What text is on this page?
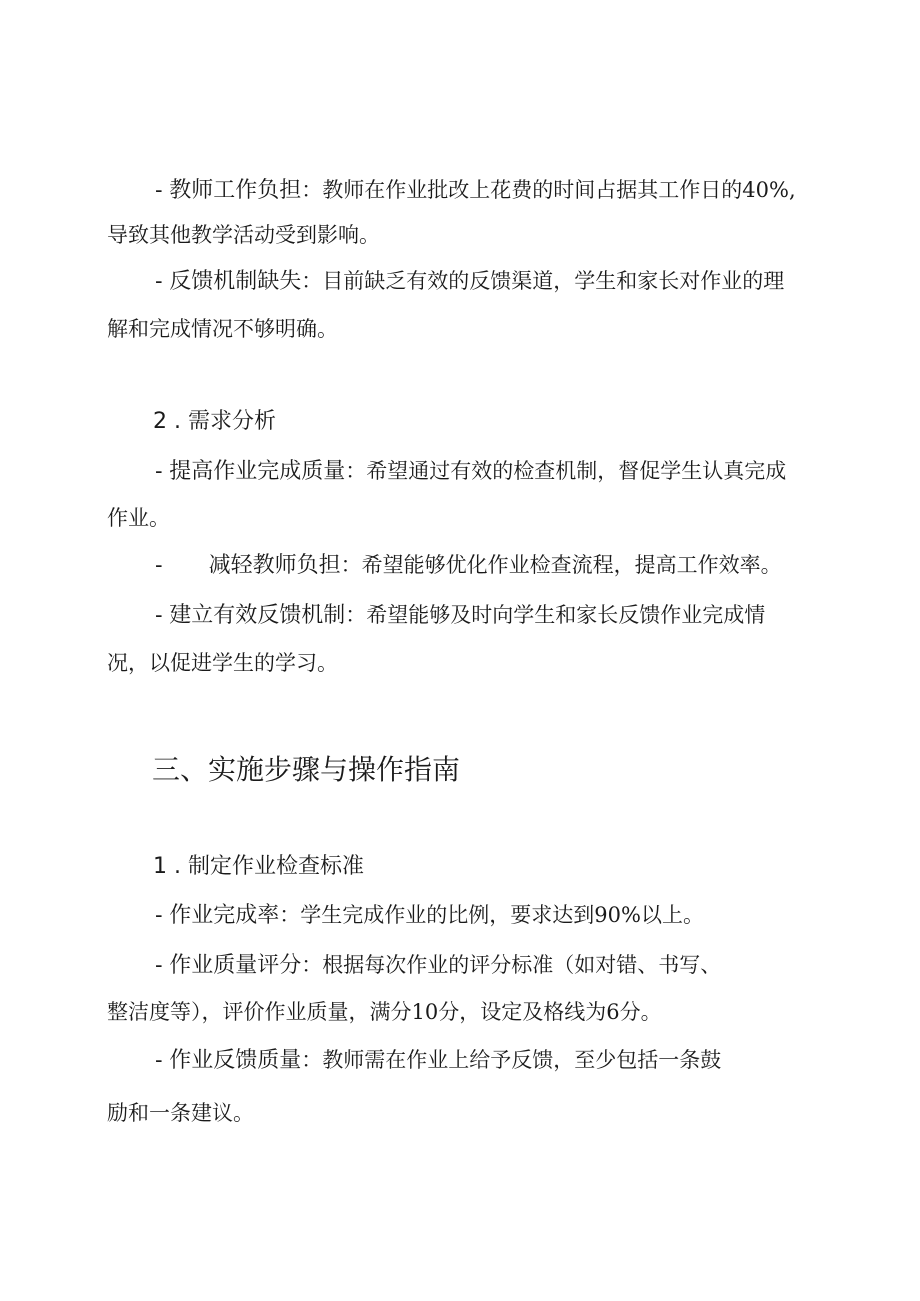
- 教师工作负担：教师在作业批改上花费的时间占据其工作日的40%,
导致其他教学活动受到影响。
- 反馈机制缺失：目前缺乏有效的反馈渠道，学生和家长对作业的理
解和完成情况不够明确。
2 . 需求分析
- 提高作业完成质量：希望通过有效的检查机制，督促学生认真完成
作业。
- 减轻教师负担：希望能够优化作业检查流程，提高工作效率。
- 建立有效反馈机制：希望能够及时向学生和家长反馈作业完成情
况，以促进学生的学习。
三、实施步骤与操作指南
1 . 制定作业检查标准
- 作业完成率：学生完成作业的比例，要求达到90%以上。
- 作业质量评分：根据每次作业的评分标准（如对错、书写、
整洁度等），评价作业质量，满分10分，设定及格线为6分。
- 作业反馈质量：教师需在作业上给予反馈，至少包括一条鼓
励和一条建议。
